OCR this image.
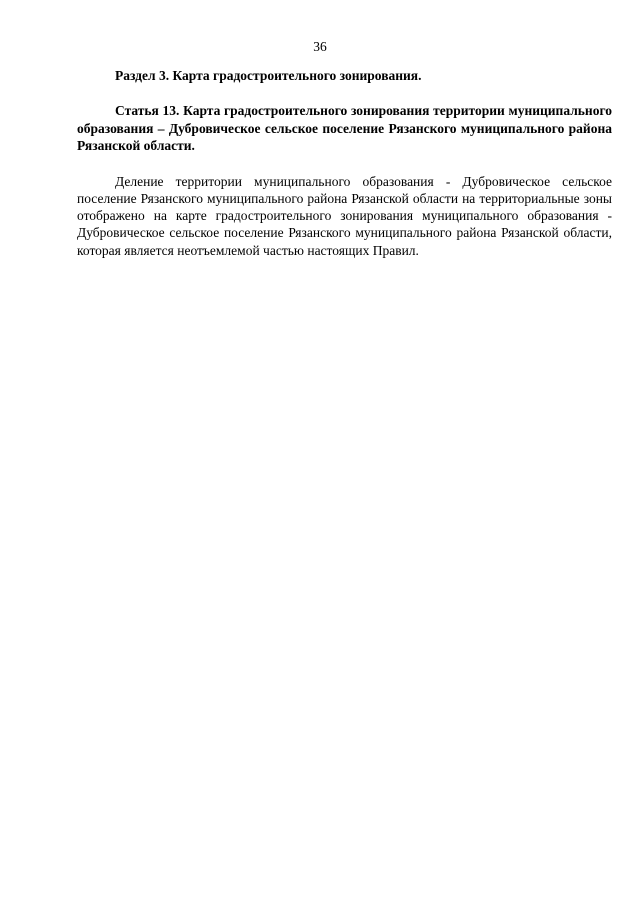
36

Раздел 3. Карта градостроительного зонирования.

Статья 13. Карта градостроительного зонирования территории муниципального образования – Дубровическое сельское поселение Рязанского муниципального района Рязанской области.

Деление территории муниципального образования - Дубровическое сельское поселение Рязанского муниципального района Рязанской области на территориальные зоны отображено на карте градостроительного зонирования муниципального образования - Дубровическое сельское поселение Рязанского муниципального района Рязанской области, которая является неотъемлемой частью настоящих Правил.
